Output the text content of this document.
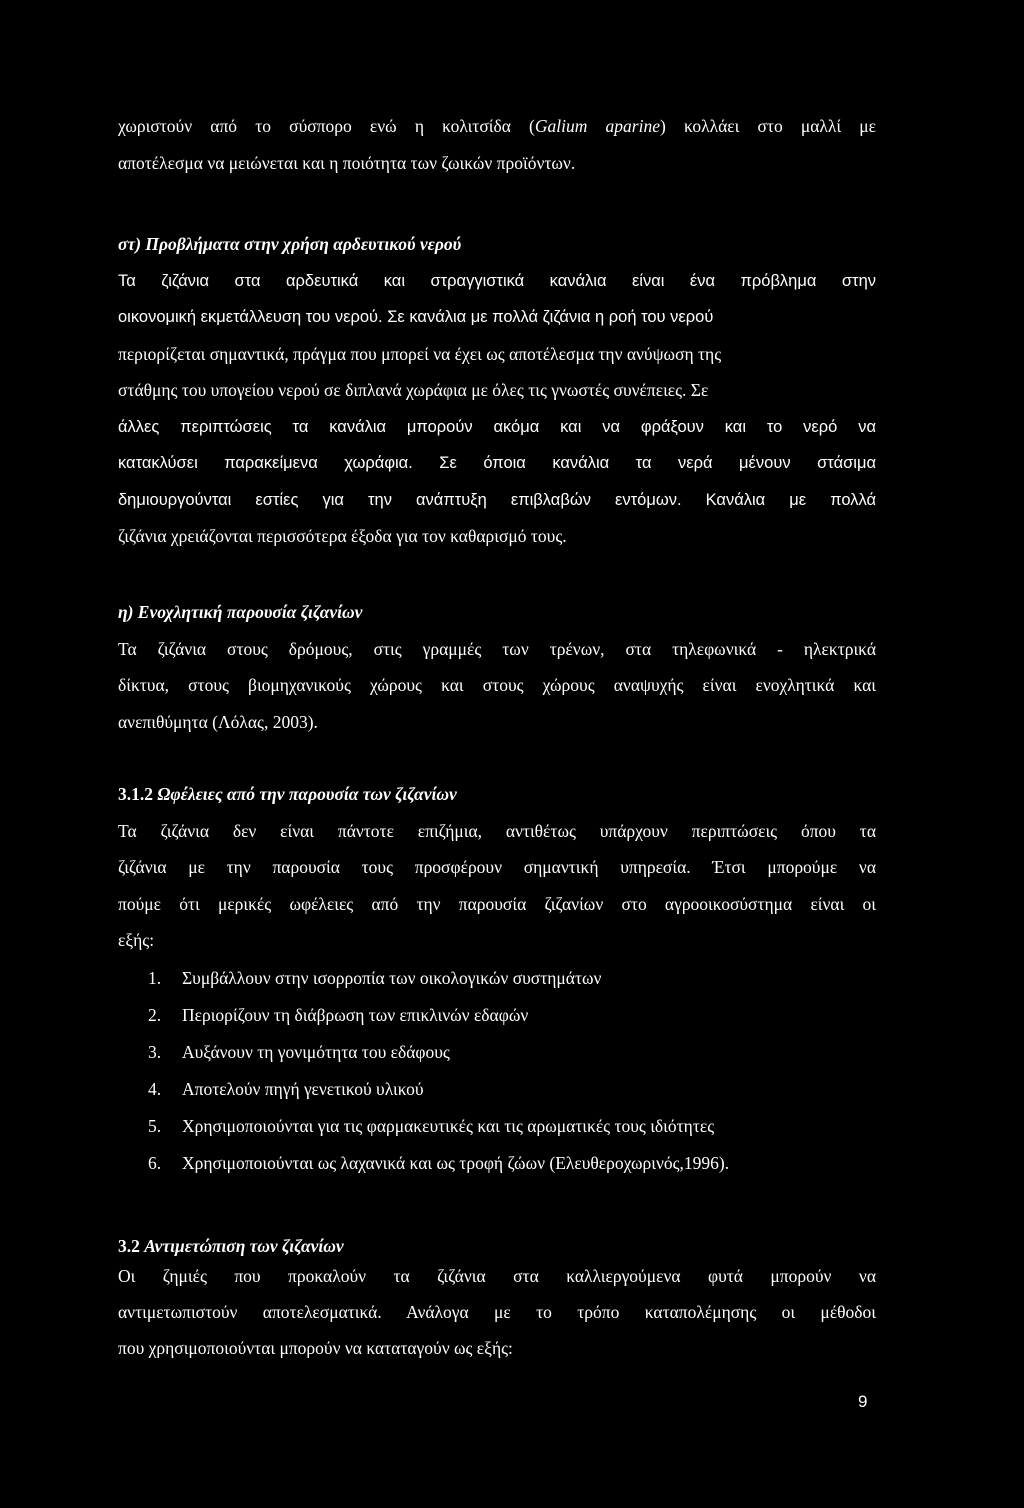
χωριστούν από το σύσπορο ενώ η κολιτσίδα (Galium aparine) κολλάει στο μαλλί με
αποτέλεσμα να μειώνεται και η ποιότητα των ζωικών προϊόντων.
στ) Προβλήματα στην χρήση αρδευτικού νερού
Τα ζιζάνια στα αρδευτικά και στραγγιστικά κανάλια είναι ένα πρόβλημα στην
οικονομική εκμετάλλευση του νερού. Σε κανάλια με πολλά ζιζάνια η ροή του νερού
περιορίζεται σημαντικά, πράγμα που μπορεί να έχει ως αποτέλεσμα την ανύψωση της
στάθμης του υπογείου νερού σε διπλανά χωράφια με όλες τις γνωστές συνέπειες. Σε
άλλες περιπτώσεις τα κανάλια μπορούν ακόμα και να φράξουν και το νερό να
κατακλύσει παρακείμενα χωράφια. Σε όποια κανάλια τα νερά μένουν στάσιμα
δημιουργούνται εστίες για την ανάπτυξη επιβλαβών εντόμων. Κανάλια με πολλά
ζιζάνια χρειάζονται περισσότερα έξοδα για τον καθαρισμό τους.
η) Ενοχλητική παρουσία ζιζανίων
Τα ζιζάνια στους δρόμους, στις γραμμές των τρένων, στα τηλεφωνικά - ηλεκτρικά
δίκτυα, στους βιομηχανικούς χώρους και στους χώρους αναψυχής είναι ενοχλητικά και
ανεπιθύμητα (Λόλας, 2003).
3.1.2 Ωφέλειες από την παρουσία των ζιζανίων
Τα ζιζάνια δεν είναι πάντοτε επιζήμια, αντιθέτως υπάρχουν περιπτώσεις όπου τα
ζιζάνια με την παρουσία τους προσφέρουν σημαντική υπηρεσία. Έτσι μπορούμε να
πούμε ότι μερικές ωφέλειες από την παρουσία ζιζανίων στο αγροοικοσύστημα είναι οι
εξής:
1. Συμβάλλουν στην ισορροπία των οικολογικών συστημάτων
2. Περιορίζουν τη διάβρωση των επικλινών εδαφών
3. Αυξάνουν τη γονιμότητα του εδάφους
4. Αποτελούν πηγή γενετικού υλικού
5. Χρησιμοποιούνται για τις φαρμακευτικές και τις αρωματικές τους ιδιότητες
6. Χρησιμοποιούνται ως λαχανικά και ως τροφή ζώων (Ελευθεροχωρινός,1996).
3.2 Αντιμετώπιση των ζιζανίων
Οι ζημιές που προκαλούν τα ζιζάνια στα καλλιεργούμενα φυτά μπορούν να
αντιμετωπιστούν αποτελεσματικά. Ανάλογα με το τρόπο καταπολέμησης οι μέθοδοι
που χρησιμοποιούνται μπορούν να καταταγούν ως εξής:
9
